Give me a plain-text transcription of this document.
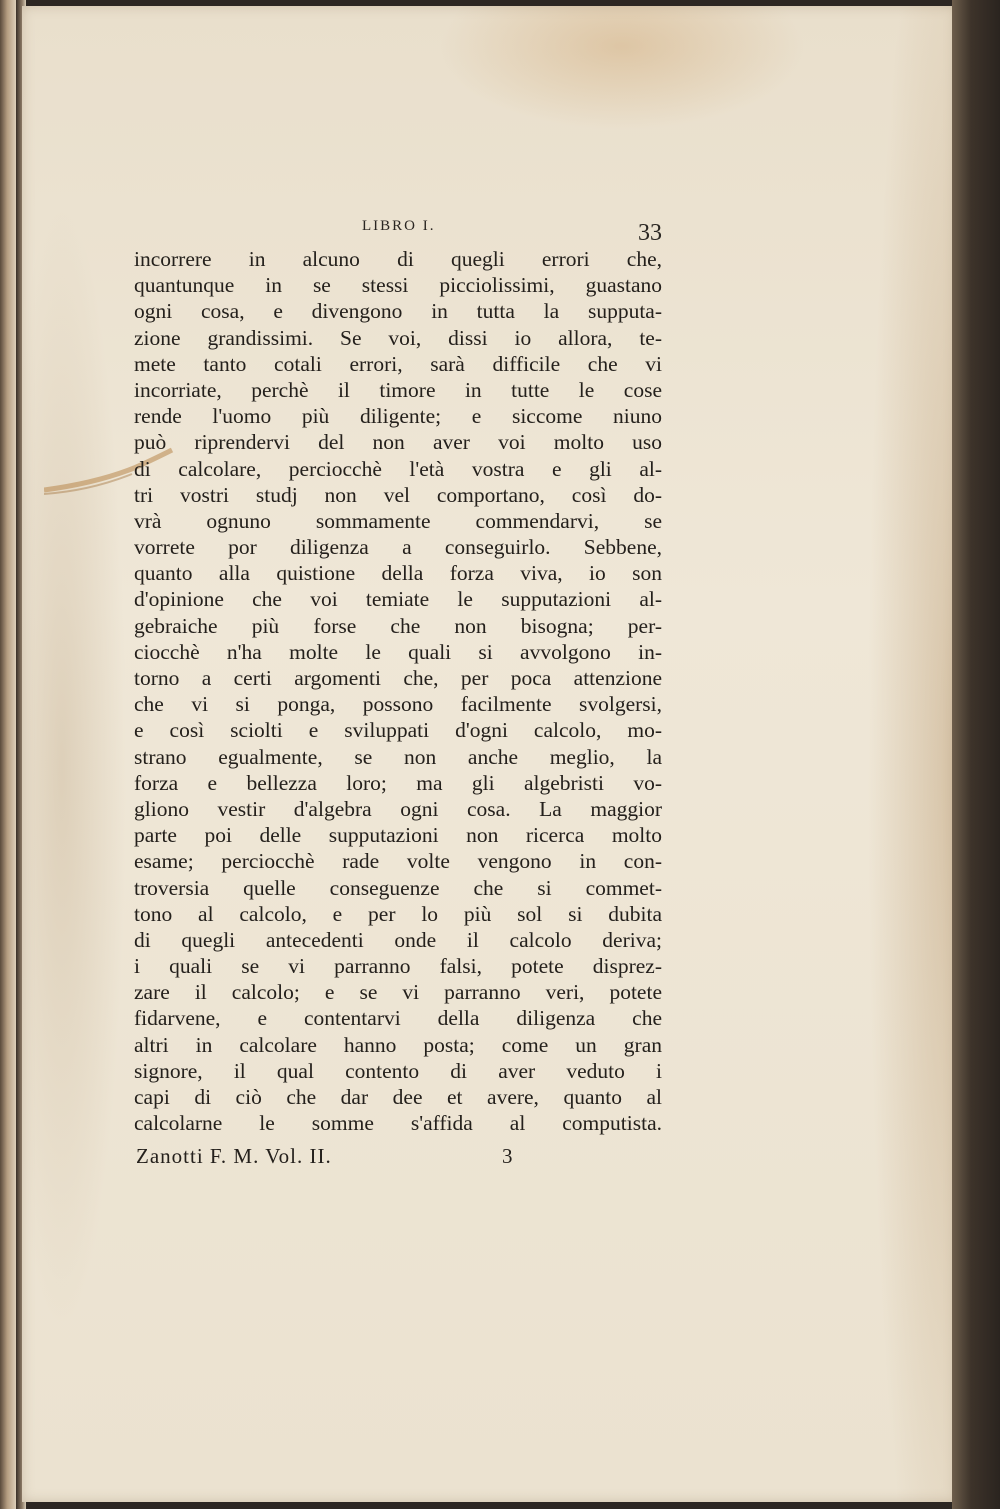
LIBRO I.	33
incorrere in alcuno di quegli errori che,
quantunque in se stessi picciolissimi, guastano
ogni cosa, e divengono in tutta la supputa-
zione grandissimi. Se voi, dissi io allora, te-
mete tanto cotali errori, sarà difficile che vi
incorriate, perchè il timore in tutte le cose
rende l'uomo più diligente; e siccome niuno
può riprendervi del non aver voi molto uso
di calcolare, perciocchè l'età vostra e gli al-
tri vostri studj non vel comportano, così do-
vrà ognuno sommamente commendarvi, se
vorrete por diligenza a conseguirlo. Sebbene,
quanto alla quistione della forza viva, io son
d'opinione che voi temiate le supputazioni al-
gebraiche più forse che non bisogna; per-
ciocchè n'ha molte le quali si avvolgono in-
torno a certi argomenti che, per poca attenzione
che vi si ponga, possono facilmente svolgersi,
e così sciolti e sviluppati d'ogni calcolo, mo-
strano egualmente, se non anche meglio, la
forza e bellezza loro; ma gli algebristi vo-
gliono vestir d'algebra ogni cosa. La maggior
parte poi delle supputazioni non ricerca molto
esame; perciocchè rade volte vengono in con-
troversia quelle conseguenze che si commet-
tono al calcolo, e per lo più sol si dubita
di quegli antecedenti onde il calcolo deriva;
i quali se vi parranno falsi, potete disprez-
zare il calcolo; e se vi parranno veri, potete
fidarvene, e contentarvi della diligenza che
altri in calcolare hanno posta; come un gran
signore, il qual contento di aver veduto i
capi di ciò che dar dee et avere, quanto al
calcolarne le somme s'affida al computista.
Zanotti F. M. Vol. II.	3
